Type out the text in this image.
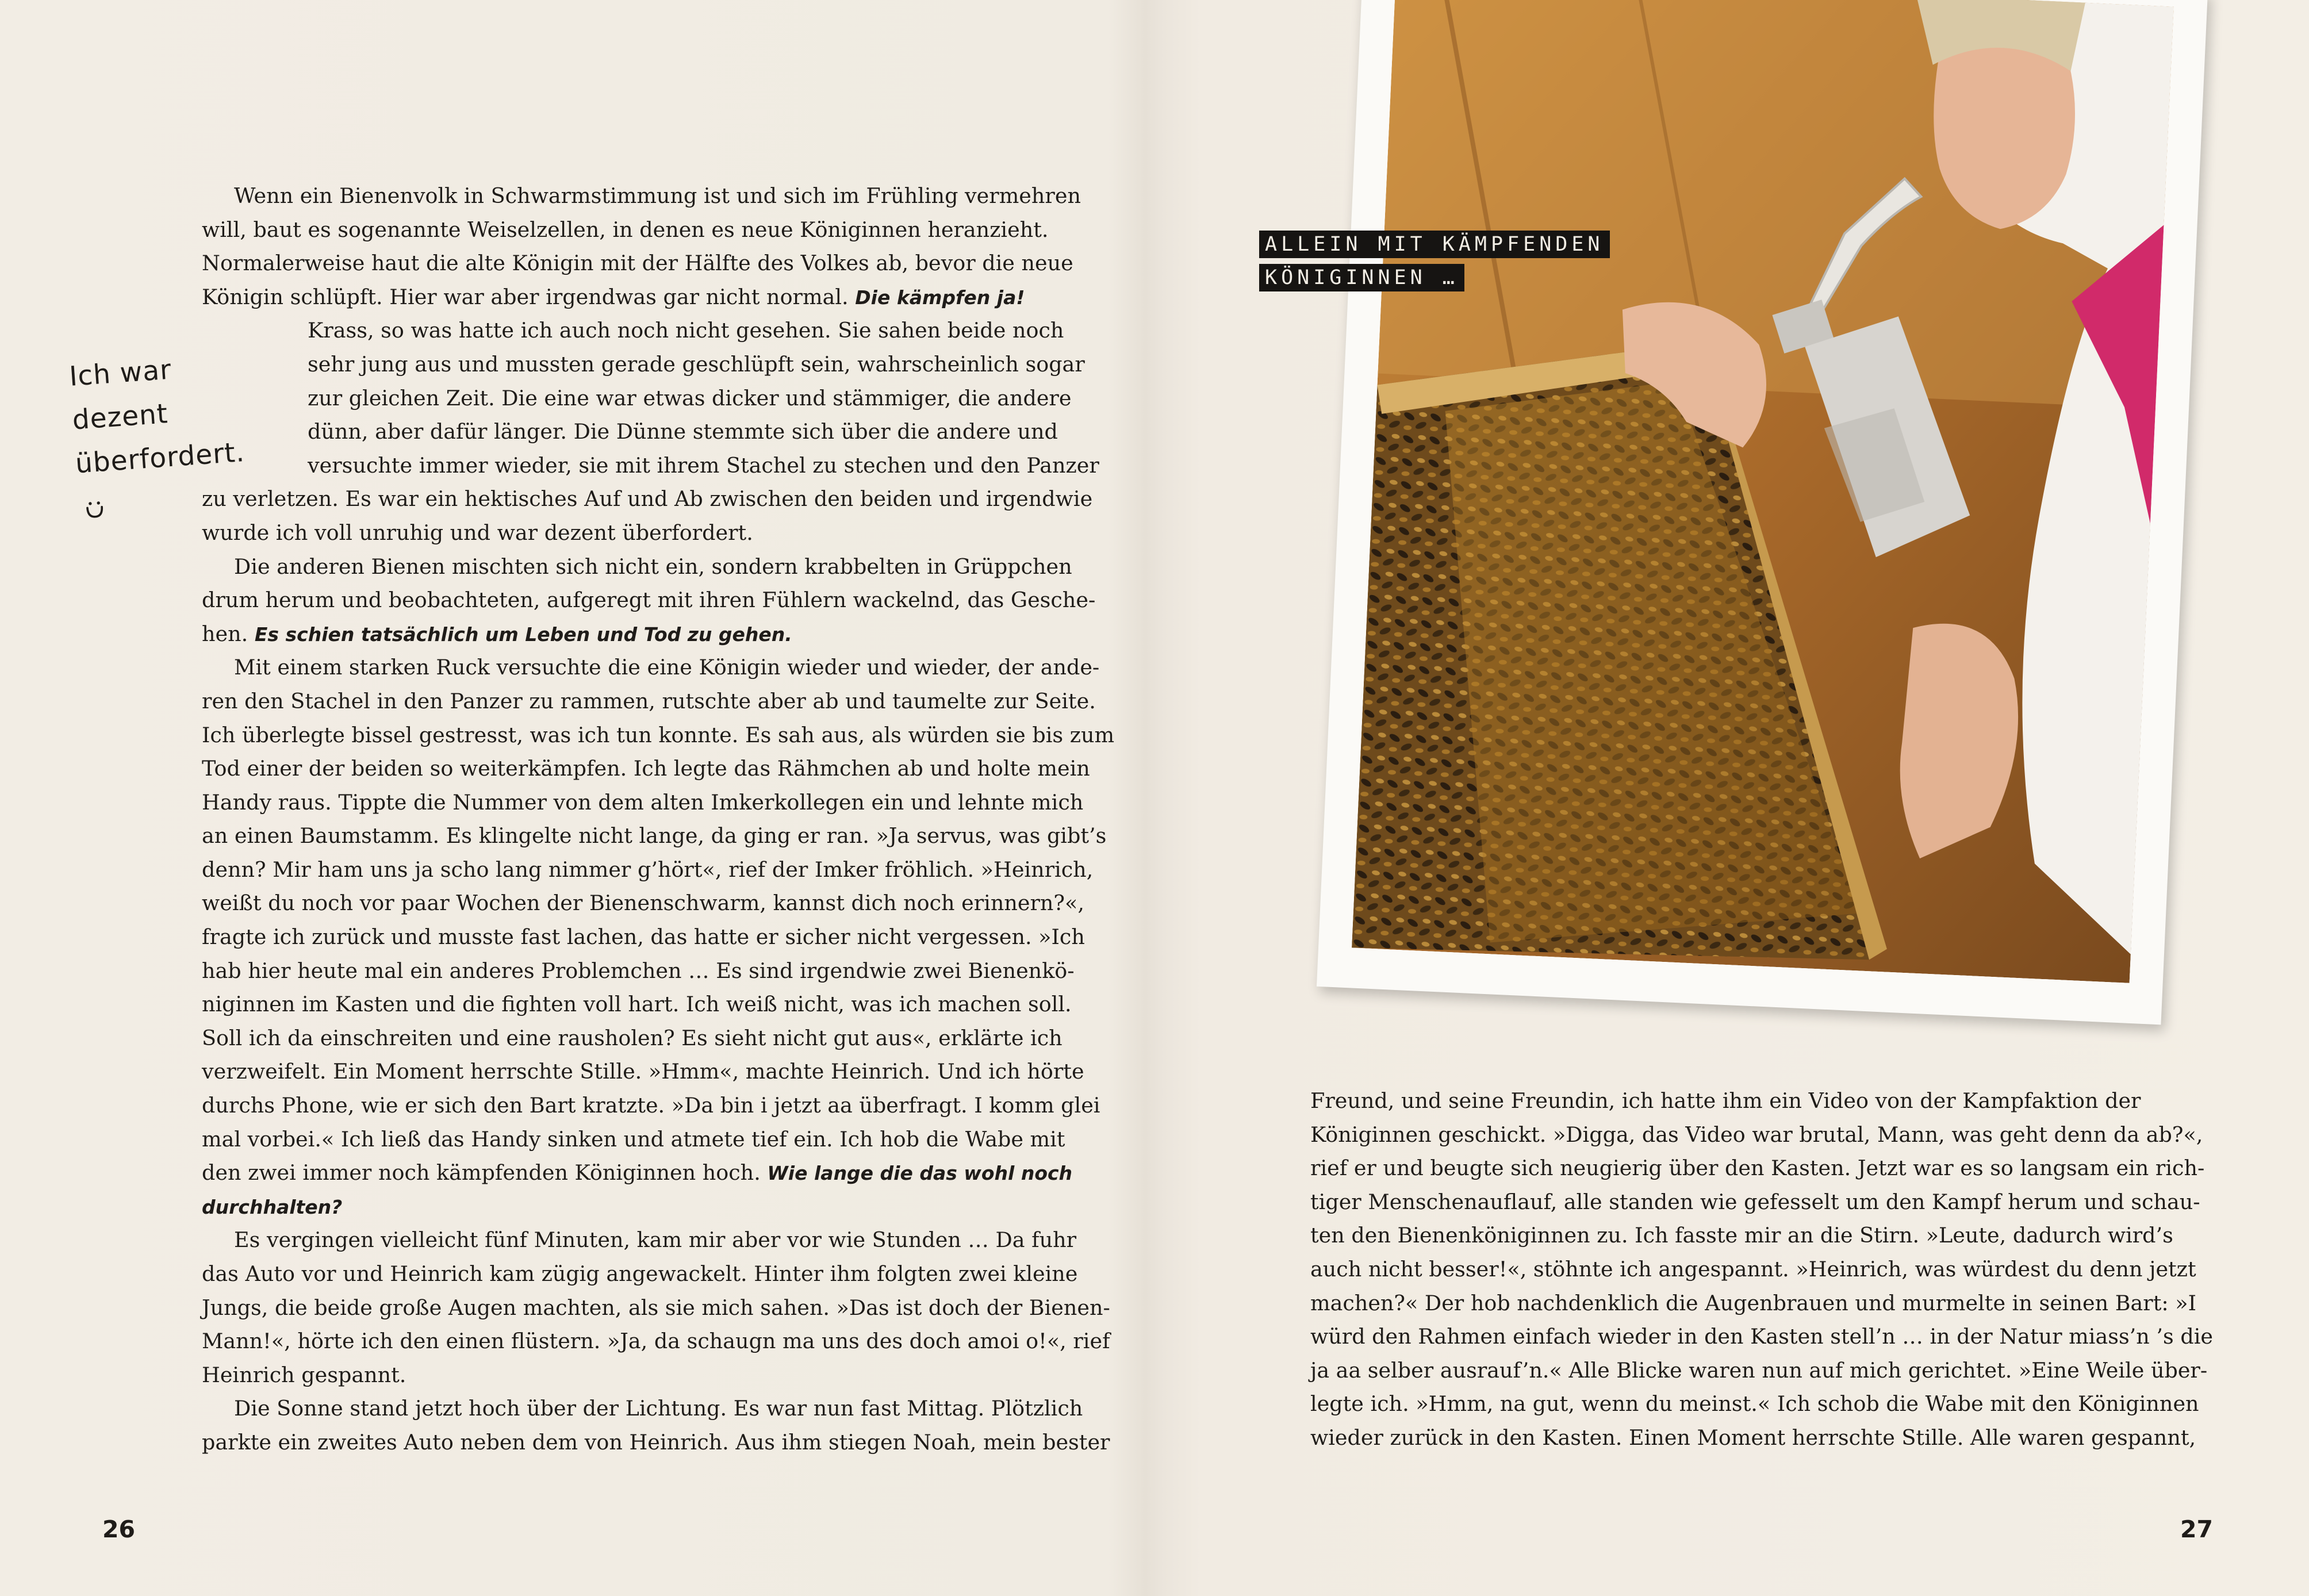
Wenn ein Bienenvolk in Schwarmstimmung ist und sich im Frühling vermehren
will, baut es sogenannte Weiselzellen, in denen es neue Königinnen heranzieht.
Normalerweise haut die alte Königin mit der Hälfte des Volkes ab, bevor die neue
Königin schlüpft. Hier war aber irgendwas gar nicht normal. Die kämpfen ja!
Krass, so was hatte ich auch noch nicht gesehen. Sie sahen beide noch
sehr jung aus und mussten gerade geschlüpft sein, wahrscheinlich sogar
zur gleichen Zeit. Die eine war etwas dicker und stämmiger, die andere
dünn, aber dafür länger. Die Dünne stemmte sich über die andere und
versuchte immer wieder, sie mit ihrem Stachel zu stechen und den Panzer
zu verletzen. Es war ein hektisches Auf und Ab zwischen den beiden und irgendwie
wurde ich voll unruhig und war dezent überfordert.
Die anderen Bienen mischten sich nicht ein, sondern krabbelten in Grüppchen
drum herum und beobachteten, aufgeregt mit ihren Fühlern wackelnd, das Gesche-
hen. Es schien tatsächlich um Leben und Tod zu gehen.
Mit einem starken Ruck versuchte die eine Königin wieder und wieder, der ande-
ren den Stachel in den Panzer zu rammen, rutschte aber ab und taumelte zur Seite.
Ich überlegte bissel gestresst, was ich tun konnte. Es sah aus, als würden sie bis zum
Tod einer der beiden so weiterkämpfen. Ich legte das Rähmchen ab und holte mein
Handy raus. Tippte die Nummer von dem alten Imkerkollegen ein und lehnte mich
an einen Baumstamm. Es klingelte nicht lange, da ging er ran. »Ja servus, was gibt’s
denn? Mir ham uns ja scho lang nimmer g’hört«, rief der Imker fröhlich. »Heinrich,
weißt du noch vor paar Wochen der Bienenschwarm, kannst dich noch erinnern?«,
fragte ich zurück und musste fast lachen, das hatte er sicher nicht vergessen. »Ich
hab hier heute mal ein anderes Problemchen … Es sind irgendwie zwei Bienenkö-
niginnen im Kasten und die fighten voll hart. Ich weiß nicht, was ich machen soll.
Soll ich da einschreiten und eine rausholen? Es sieht nicht gut aus«, erklärte ich
verzweifelt. Ein Moment herrschte Stille. »Hmm«, machte Heinrich. Und ich hörte
durchs Phone, wie er sich den Bart kratzte. »Da bin i jetzt aa überfragt. I komm glei
mal vorbei.« Ich ließ das Handy sinken und atmete tief ein. Ich hob die Wabe mit
den zwei immer noch kämpfenden Königinnen hoch. Wie lange die das wohl noch
durchhalten?
Es vergingen vielleicht fünf Minuten, kam mir aber vor wie Stunden … Da fuhr
das Auto vor und Heinrich kam zügig angewackelt. Hinter ihm folgten zwei kleine
Jungs, die beide große Augen machten, als sie mich sahen. »Das ist doch der Bienen-
Mann!«, hörte ich den einen flüstern. »Ja, da schaugn ma uns des doch amoi o!«, rief
Heinrich gespannt.
Die Sonne stand jetzt hoch über der Lichtung. Es war nun fast Mittag. Plötzlich
parkte ein zweites Auto neben dem von Heinrich. Aus ihm stiegen Noah, mein bester
Ich war dezent
überfordert.
26
Freund, und seine Freundin, ich hatte ihm ein Video von der Kampfaktion der
Königinnen geschickt. »Digga, das Video war brutal, Mann, was geht denn da ab?«,
rief er und beugte sich neugierig über den Kasten. Jetzt war es so langsam ein rich-
tiger Menschenauflauf, alle standen wie gefesselt um den Kampf herum und schau-
ten den Bienenköniginnen zu. Ich fasste mir an die Stirn. »Leute, dadurch wird’s
auch nicht besser!«, stöhnte ich angespannt. »Heinrich, was würdest du denn jetzt
machen?« Der hob nachdenklich die Augenbrauen und murmelte in seinen Bart: »I
würd den Rahmen einfach wieder in den Kasten stell’n … in der Natur miass’n ’s die
ja aa selber ausrauf’n.« Alle Blicke waren nun auf mich gerichtet. »Eine Weile über-
legte ich. »Hmm, na gut, wenn du meinst.« Ich schob die Wabe mit den Königinnen
wieder zurück in den Kasten. Einen Moment herrschte Stille. Alle waren gespannt,
27
ALLEIN MIT KÄMPFENDEN
KÖNIGINNEN …
